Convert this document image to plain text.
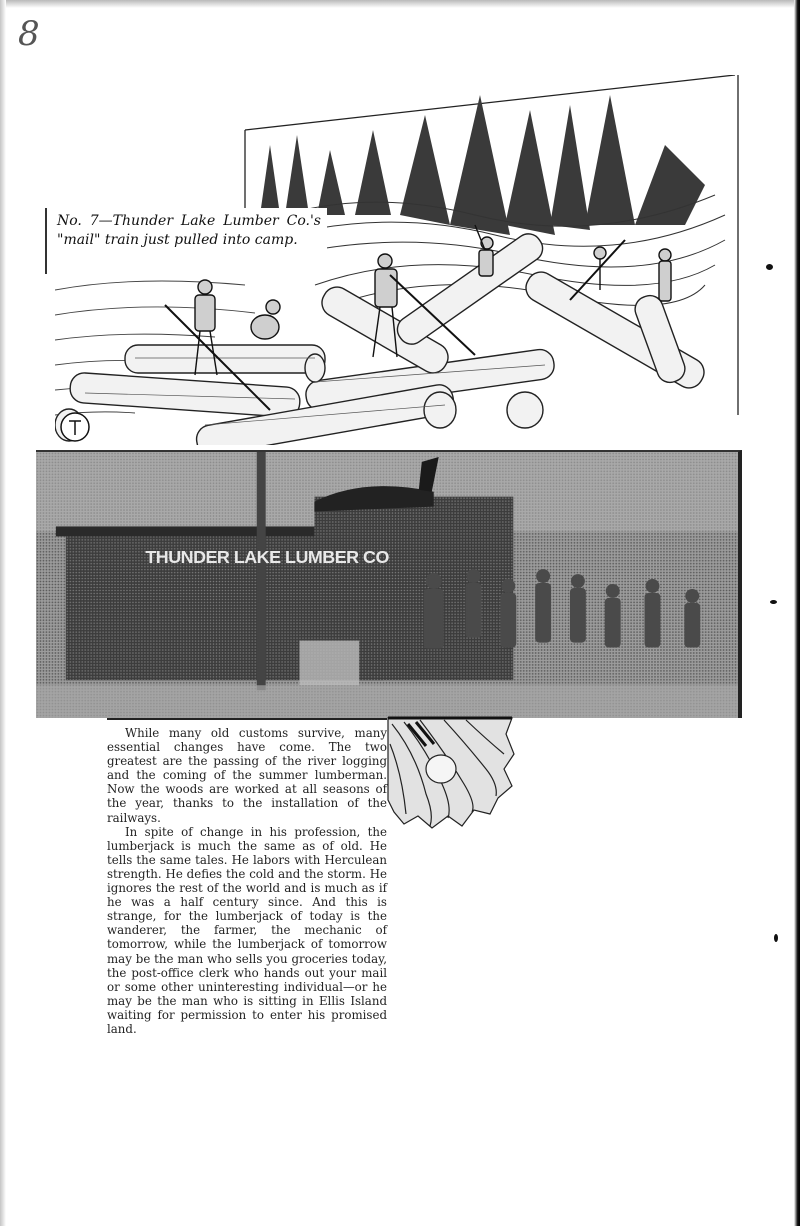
8
No. 7—Thunder Lake Lumber Co.'s "mail" train just pulled into camp.
THUNDER LAKE LUMBER CO

While many old customs survive, many essential changes have come. The two greatest are the passing of the river logging and the coming of the summer lumberman. Now the woods are worked at all seasons of the year, thanks to the installation of the railways.

In spite of change in his profession, the lumberjack is much the same as of old. He tells the same tales. He labors with Herculean strength. He defies the cold and the storm. He ignores the rest of the world and is much as if he was a half century since. And this is strange, for the lumberjack of today is the wanderer, the farmer, the mechanic of tomorrow, while the lumberjack of tomorrow may be the man who sells you groceries today, the post-office clerk who hands out your mail or some other uninteresting individual—or he may be the man who is sitting in Ellis Island waiting for permission to enter his promised land.
